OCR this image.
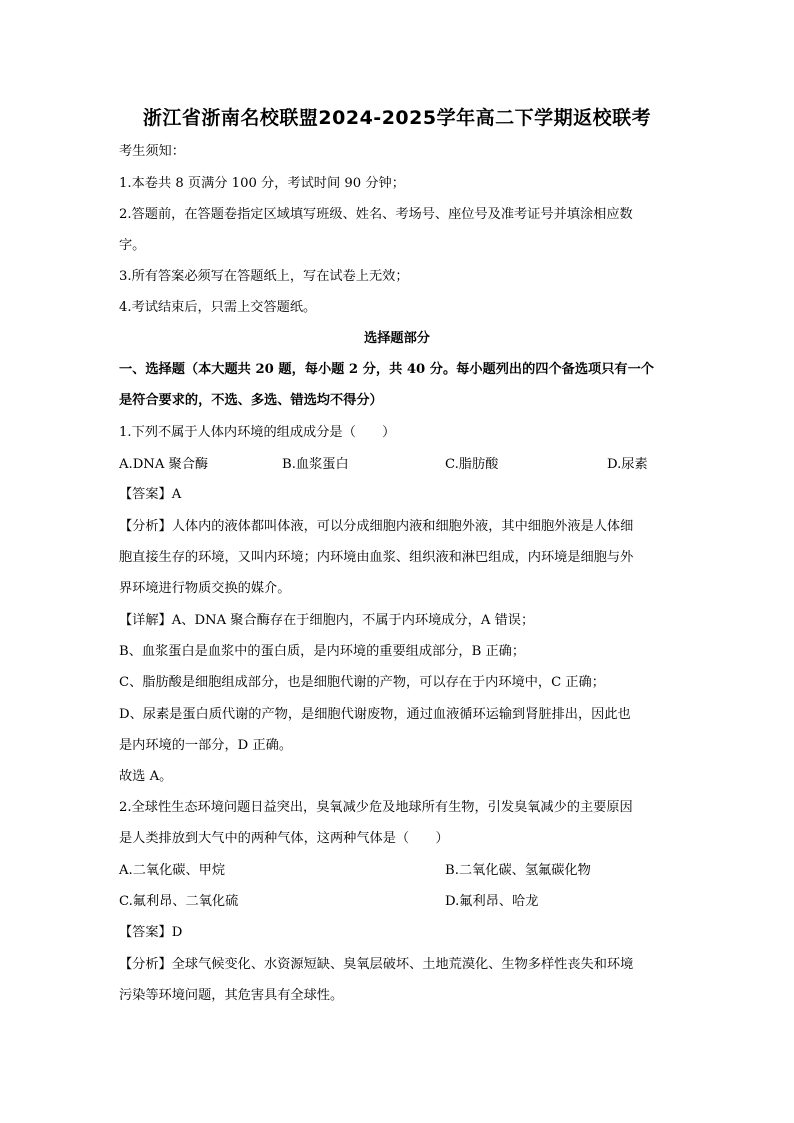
浙江省浙南名校联盟2024-2025学年高二下学期返校联考
考生须知：
1.本卷共 8 页满分 100 分，考试时间 90 分钟；
2.答题前，在答题卷指定区域填写班级、姓名、考场号、座位号及准考证号并填涂相应数
字。
3.所有答案必须写在答题纸上，写在试卷上无效；
4.考试结束后，只需上交答题纸。
选择题部分
一、选择题（本大题共 20 题，每小题 2 分，共 40 分。每小题列出的四个备选项只有一个
是符合要求的，不选、多选、错选均不得分）
1.下列不属于人体内环境的组成成分是（　　）
A.DNA 聚合酶	B.血浆蛋白	C.脂肪酸	D.尿素
【答案】A
【分析】人体内的液体都叫体液，可以分成细胞内液和细胞外液，其中细胞外液是人体细
胞直接生存的环境，又叫内环境；内环境由血浆、组织液和淋巴组成，内环境是细胞与外
界环境进行物质交换的媒介。
【详解】A、DNA 聚合酶存在于细胞内，不属于内环境成分，A 错误；
B、血浆蛋白是血浆中的蛋白质，是内环境的重要组成部分，B 正确；
C、脂肪酸是细胞组成部分，也是细胞代谢的产物，可以存在于内环境中，C 正确；
D、尿素是蛋白质代谢的产物，是细胞代谢废物，通过血液循环运输到肾脏排出，因此也
是内环境的一部分，D 正确。
故选 A。
2.全球性生态环境问题日益突出，臭氧减少危及地球所有生物，引发臭氧减少的主要原因
是人类排放到大气中的两种气体，这两种气体是（　　）
A.二氧化碳、甲烷	B.二氧化碳、氢氟碳化物
C.氟利昂、二氧化硫	D.氟利昂、哈龙
【答案】D
【分析】全球气候变化、水资源短缺、臭氧层破坏、土地荒漠化、生物多样性丧失和环境
污染等环境问题，其危害具有全球性。
